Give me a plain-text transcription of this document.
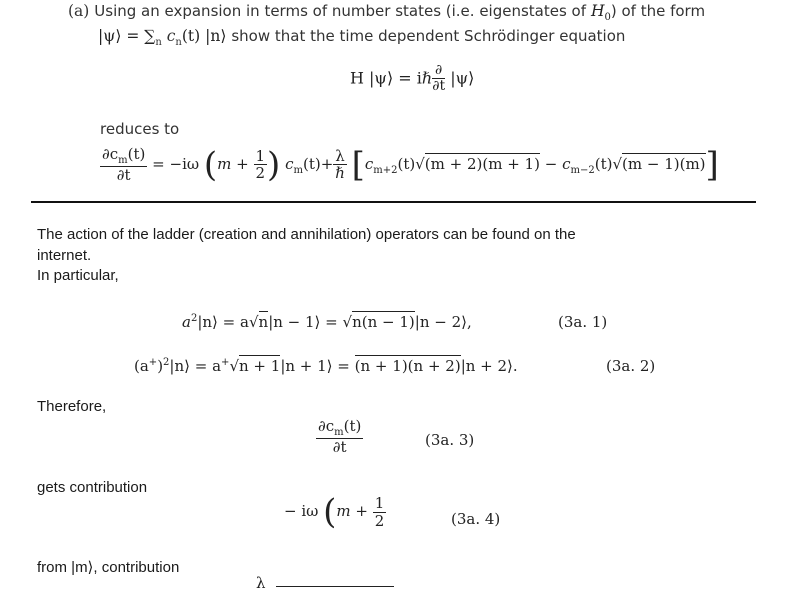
(a) Using an expansion in terms of number states (i.e. eigenstates of $H_0$) of the form
|ψ⟩ = $\sum_n$ $c_n(t)$ |n⟩ show that the time dependent Schrödinger equation
H |ψ⟩ = iℏ $\frac{\partial}{\partial t}$ |ψ⟩
reduces to
$\frac{\partial c_m(t)}{\partial t} = -i\omega$ ($m + \frac{1}{2}$ ) $c_m(t)+ \frac{\lambda}{\text{ℏ}} [c_{m+2}(t)√(m + 2)(m + 1) - c_{m-2}(t)√(m - 1)(m)]$
The action of the ladder (creation and annihilation) operators can be found on the
internet.
In particular,
$a^2|n⟩ = a√n|n$ − 1⟩ = √n(n − 1)|n − 2⟩,	(3a. 1)
$(a^+)^2|n⟩ = a^+√n + 1|n$ + 1⟩ = (n + 1)(n + 2)|n + 2⟩.	(3a. 2)
Therefore,
$\frac{\partial c_m(t)}{\partial t}$	(3a. 3)
gets contribution
− iω ($m + \frac{1}{2}$	(3a. 4)
from |m⟩, contribution
λ
